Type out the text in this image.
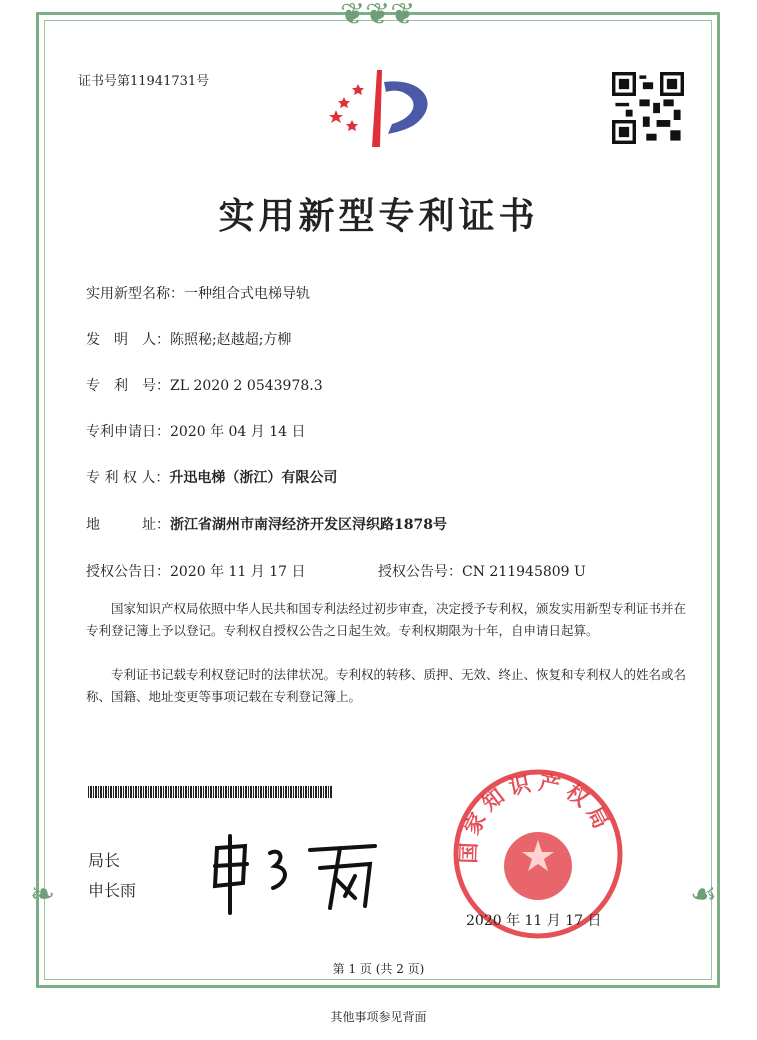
❦❦❦
❧	☙
证书号第11941731号
实用新型专利证书
实用新型名称：一种组合式电梯导轨
发　明　人：陈照秘;赵越超;方柳
专　利　号：ZL 2020 2 0543978.3
专利申请日：2020 年 04 月 14 日
专 利 权 人：升迅电梯（浙江）有限公司
地　　　址：浙江省湖州市南浔经济开发区浔织路1878号
授权公告日：2020 年 11 月 17 日	授权公告号：CN 211945809 U
国家知识产权局依照中华人民共和国专利法经过初步审查，决定授予专利权，颁发实用新型专利证书并在专利登记簿上予以登记。专利权自授权公告之日起生效。专利权期限为十年，自申请日起算。
专利证书记载专利权登记时的法律状况。专利权的转移、质押、无效、终止、恢复和专利权人的姓名或名称、国籍、地址变更等事项记载在专利登记簿上。
局长
申长雨
国家知识产权局
2020 年 11 月 17 日
第 1 页 (共 2 页)
其他事项参见背面
